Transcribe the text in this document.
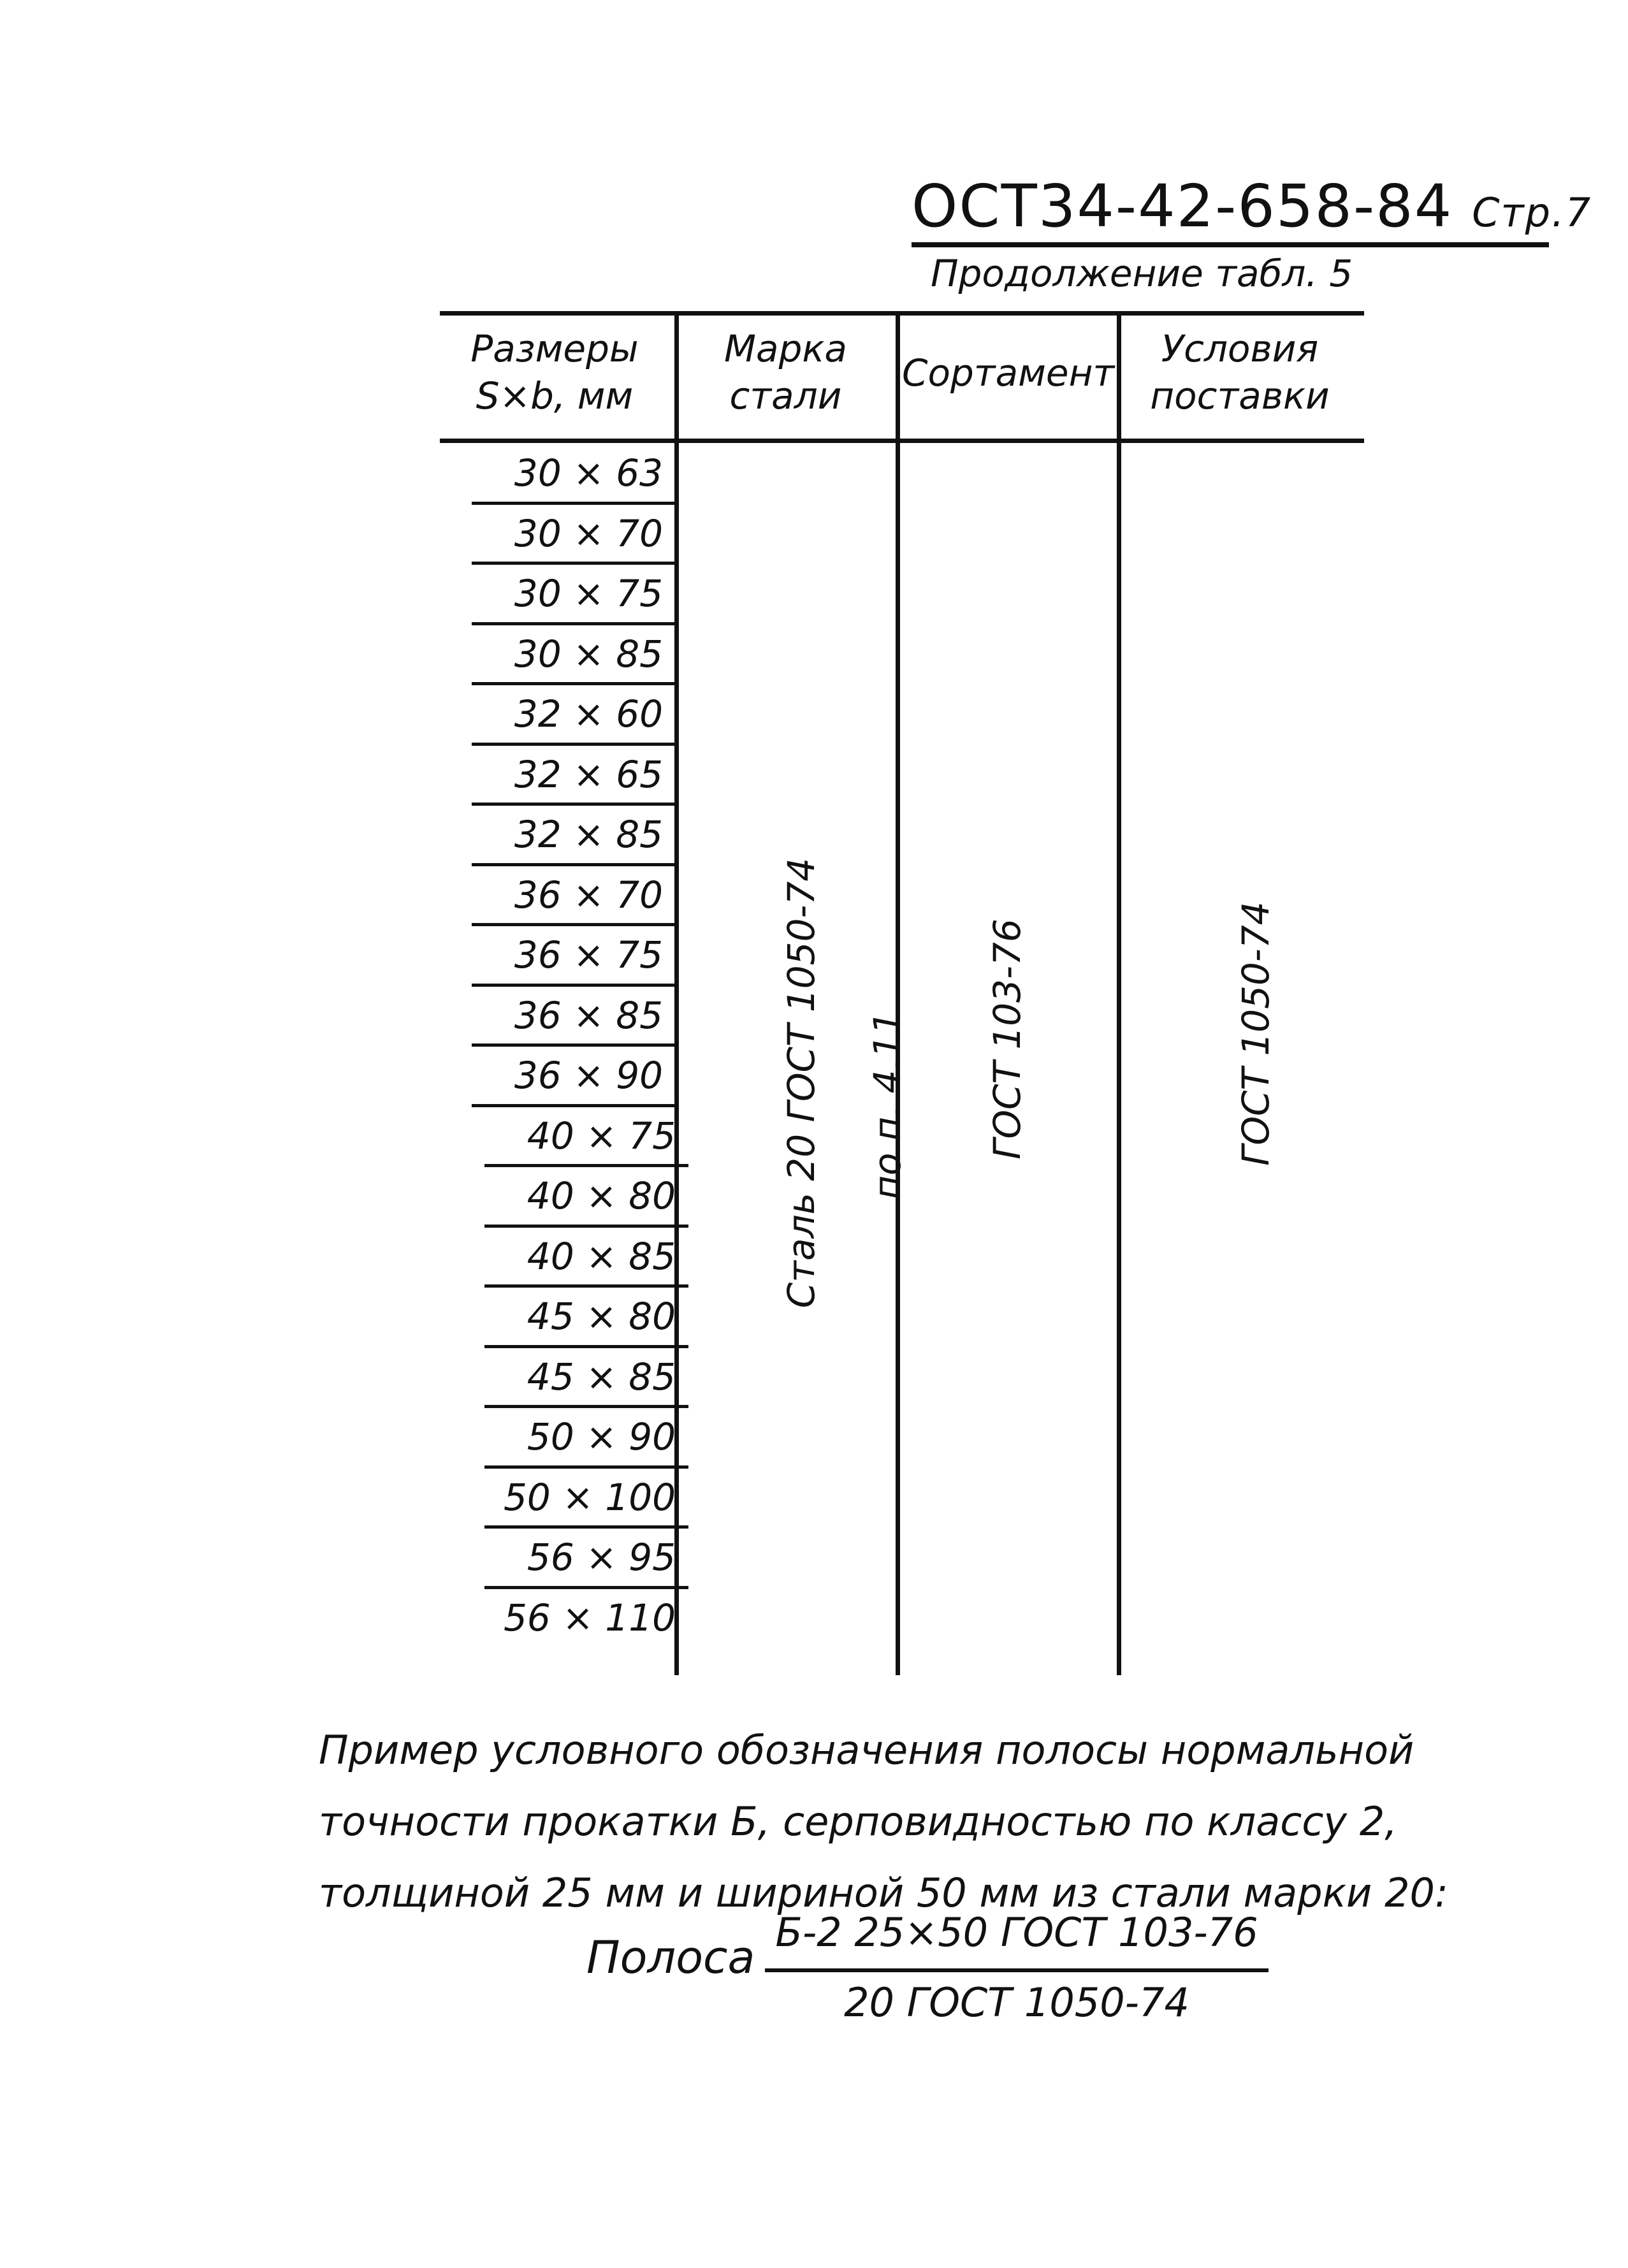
ОСТ34-42-658-84 Стр.7
Продолжение табл. 5
Размеры S×b, мм
Марка стали
Сортамент
Условия поставки
30 × 63
30 × 70
30 × 75
30 × 85
32 × 60
32 × 65
32 × 85
36 × 70
36 × 75
36 × 85
36 × 90
40 × 75
40 × 80
40 × 85
45 × 80
45 × 85
50 × 90
50 × 100
56 × 95
56 × 110
Сталь 20 ГОСТ 1050-74 по п. 4.11 ГОСТ 103-76	ГОСТ 1050-74
Пример условного обозначения полосы нормальной точности прокатки Б, серповидностью по классу 2, толщиной 25 мм и шириной 50 мм из стали марки 20:
Полоса Б-2 25×50 ГОСТ 103-76
20 ГОСТ 1050-74
